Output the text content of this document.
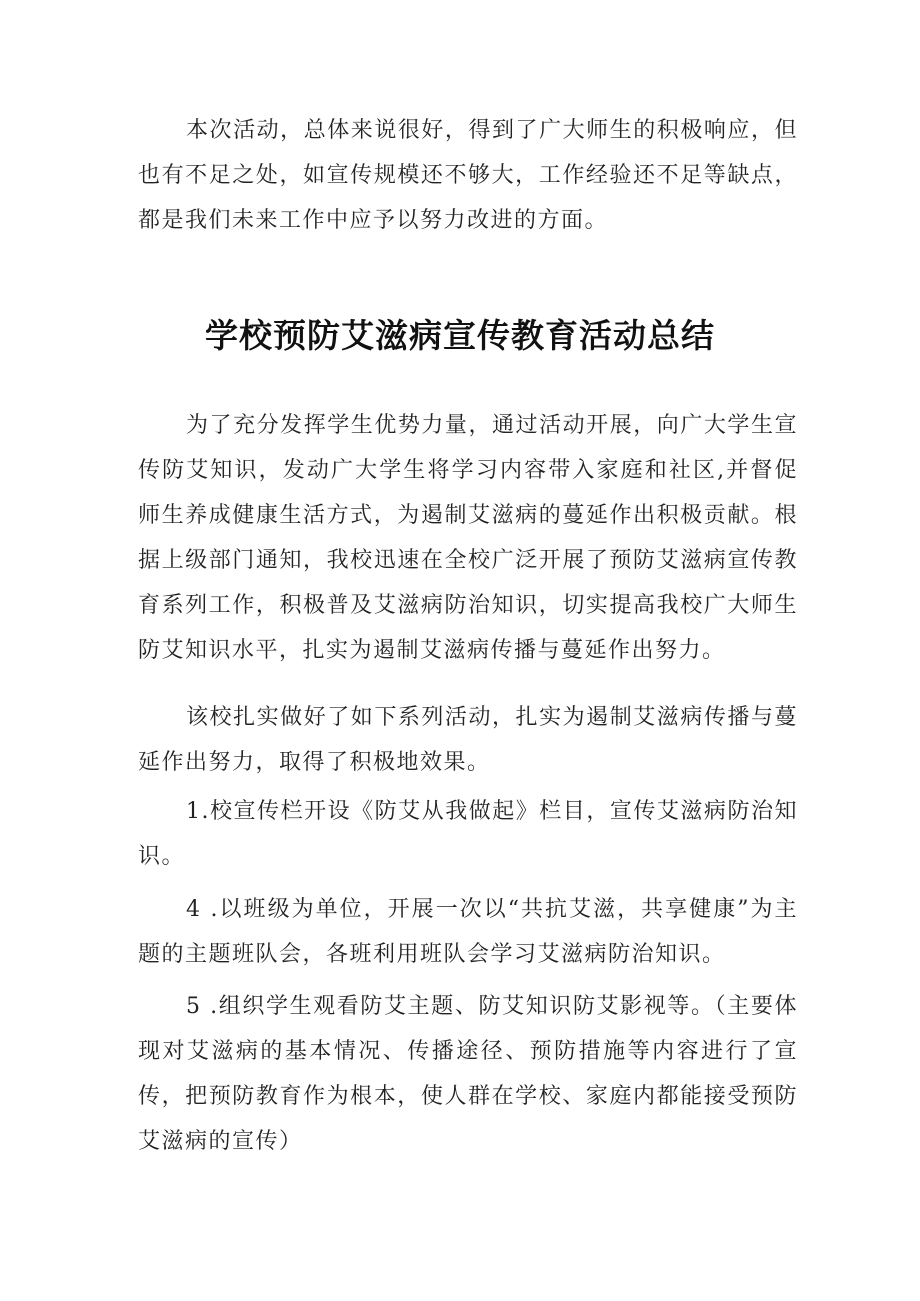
本次活动，总体来说很好，得到了广大师生的积极响应，但也有不足之处，如宣传规模还不够大，工作经验还不足等缺点，都是我们未来工作中应予以努力改进的方面。

学校预防艾滋病宣传教育活动总结

为了充分发挥学生优势力量，通过活动开展，向广大学生宣传防艾知识，发动广大学生将学习内容带入家庭和社区,并督促师生养成健康生活方式，为遏制艾滋病的蔓延作出积极贡献。根据上级部门通知，我校迅速在全校广泛开展了预防艾滋病宣传教育系列工作，积极普及艾滋病防治知识，切实提高我校广大师生防艾知识水平，扎实为遏制艾滋病传播与蔓延作出努力。

该校扎实做好了如下系列活动，扎实为遏制艾滋病传播与蔓延作出努力，取得了积极地效果。

1.校宣传栏开设《防艾从我做起》栏目，宣传艾滋病防治知识。

4 .以班级为单位，开展一次以“共抗艾滋，共享健康”为主题的主题班队会，各班利用班队会学习艾滋病防治知识。

5 .组织学生观看防艾主题、防艾知识防艾影视等。（主要体现对艾滋病的基本情况、传播途径、预防措施等内容进行了宣传，把预防教育作为根本，使人群在学校、家庭内都能接受预防艾滋病的宣传）
